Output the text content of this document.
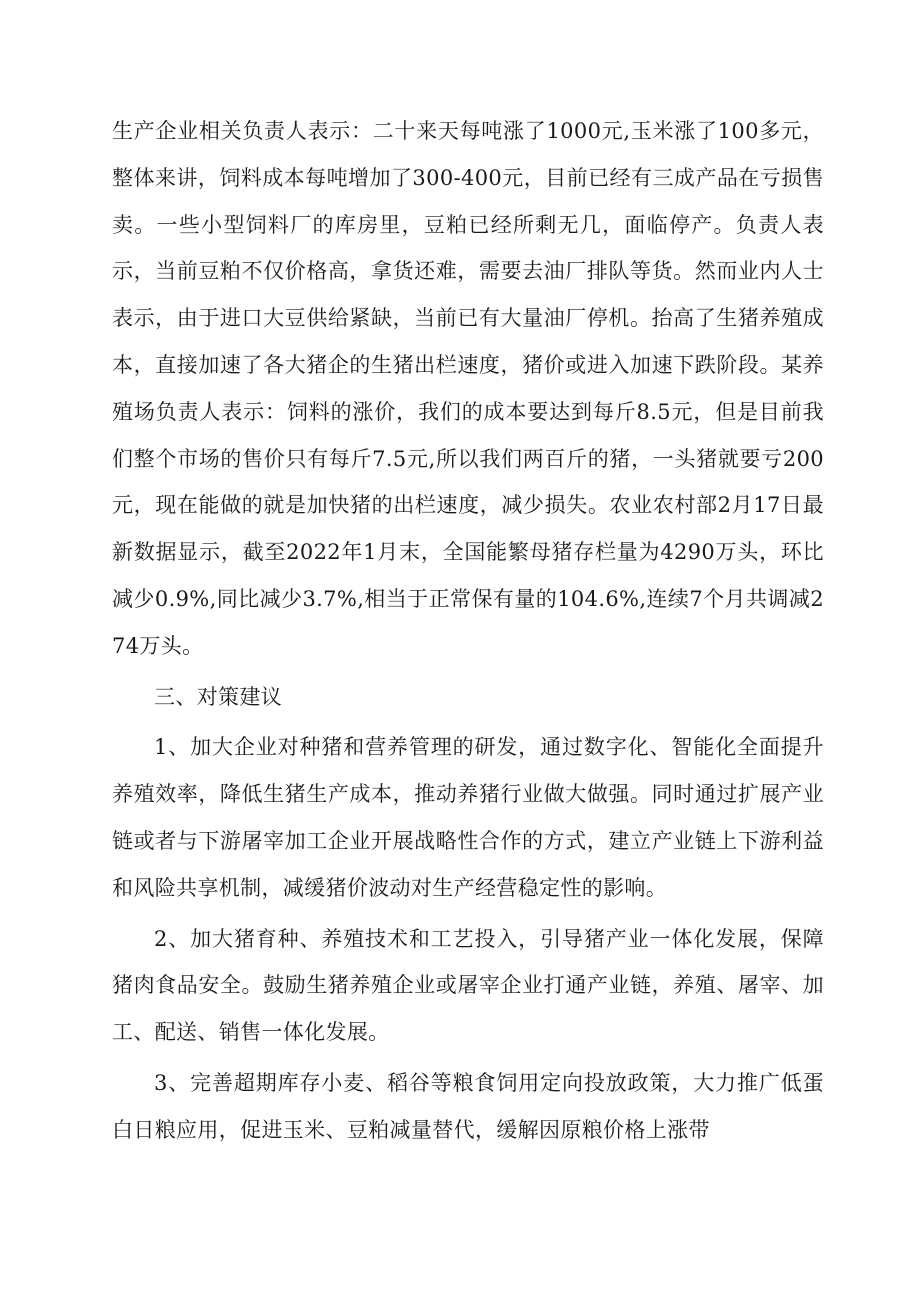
生产企业相关负责人表示：二十来天每吨涨了1000元,玉米涨了100多元，整体来讲，饲料成本每吨增加了300-400元，目前已经有三成产品在亏损售卖。一些小型饲料厂的库房里，豆粕已经所剩无几，面临停产。负责人表示，当前豆粕不仅价格高，拿货还难，需要去油厂排队等货。然而业内人士表示，由于进口大豆供给紧缺，当前已有大量油厂停机。抬高了生猪养殖成本，直接加速了各大猪企的生猪出栏速度，猪价或进入加速下跌阶段。某养殖场负责人表示：饲料的涨价，我们的成本要达到每斤8.5元，但是目前我们整个市场的售价只有每斤7.5元,所以我们两百斤的猪，一头猪就要亏200元，现在能做的就是加快猪的出栏速度，减少损失。农业农村部2月17日最新数据显示，截至2022年1月末，全国能繁母猪存栏量为4290万头，环比减少0.9%,同比减少3.7%,相当于正常保有量的104.6%,连续7个月共调减274万头。

三、对策建议

1、加大企业对种猪和营养管理的研发，通过数字化、智能化全面提升养殖效率，降低生猪生产成本，推动养猪行业做大做强。同时通过扩展产业链或者与下游屠宰加工企业开展战略性合作的方式，建立产业链上下游利益和风险共享机制，减缓猪价波动对生产经营稳定性的影响。

2、加大猪育种、养殖技术和工艺投入，引导猪产业一体化发展，保障猪肉食品安全。鼓励生猪养殖企业或屠宰企业打通产业链，养殖、屠宰、加工、配送、销售一体化发展。

3、完善超期库存小麦、稻谷等粮食饲用定向投放政策，大力推广低蛋白日粮应用，促进玉米、豆粕减量替代，缓解因原粮价格上涨带
